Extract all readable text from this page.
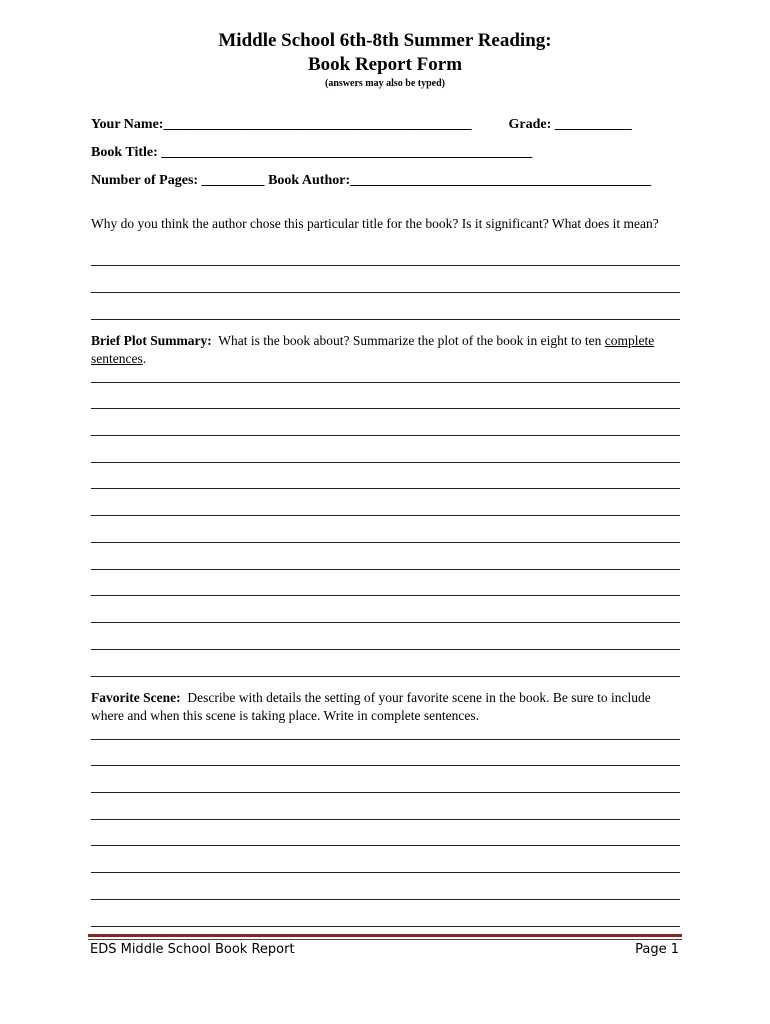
Middle School 6th-8th Summer Reading:
Book Report Form
(answers may also be typed)
Your Name:____________________________________________	Grade: ___________
Book Title: _____________________________________________________
Number of Pages: _________ Book Author:___________________________________________
Why do you think the author chose this particular title for the book? Is it significant? What does it mean?
Brief Plot Summary: What is the book about? Summarize the plot of the book in eight to ten complete sentences.
Favorite Scene: Describe with details the setting of your favorite scene in the book. Be sure to include where and when this scene is taking place. Write in complete sentences.
EDS Middle School Book Report	Page 1
